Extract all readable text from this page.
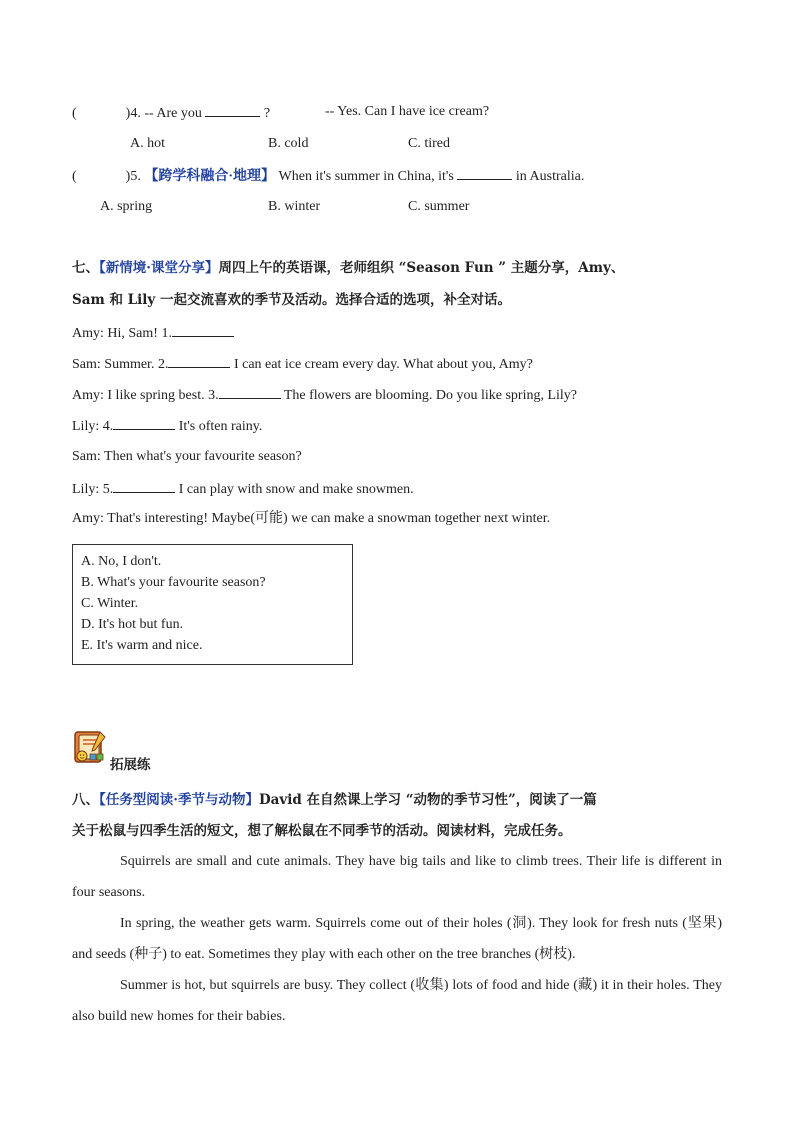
(	)4. -- Are you	?	-- Yes. Can I have ice cream?
A. hot	B. cold	C. tired
(	)5. 【跨学科融合·地理】 When it's summer in China, it's	in Australia.
A. spring	B. winter	C. summer
七、【新情境·课堂分享】周四上午的英语课，老师组织 “Season Fun ” 主题分享，Amy、
Sam 和 Lily 一起交流喜欢的季节及活动。选择合适的选项，补全对话。
Amy: Hi, Sam! 1.
Sam: Summer. 2.	I can eat ice cream every day. What about you, Amy?
Amy: I like spring best. 3.	The flowers are blooming. Do you like spring, Lily?
Lily: 4.	It's often rainy.
Sam: Then what's your favourite season?
Lily: 5.	I can play with snow and make snowmen.
Amy: That's interesting! Maybe(可能) we can make a snowman together next winter.
A. No, I don't.
B. What's your favourite season?
C. Winter.
D. It's hot but fun.
E. It's warm and nice.
拓展练
八、【任务型阅读·季节与动物】David 在自然课上学习 “动物的季节习性”，阅读了一篇
关于松鼠与四季生活的短文，想了解松鼠在不同季节的活动。阅读材料，完成任务。

Squirrels are small and cute animals. They have big tails and like to climb trees. Their life is different in four seasons.

In spring, the weather gets warm. Squirrels come out of their holes (洞). They look for fresh nuts (坚果) and seeds (种子) to eat. Sometimes they play with each other on the tree branches (树枝).

Summer is hot, but squirrels are busy. They collect (收集) lots of food and hide (藏) it in their holes. They also build new homes for their babies.
